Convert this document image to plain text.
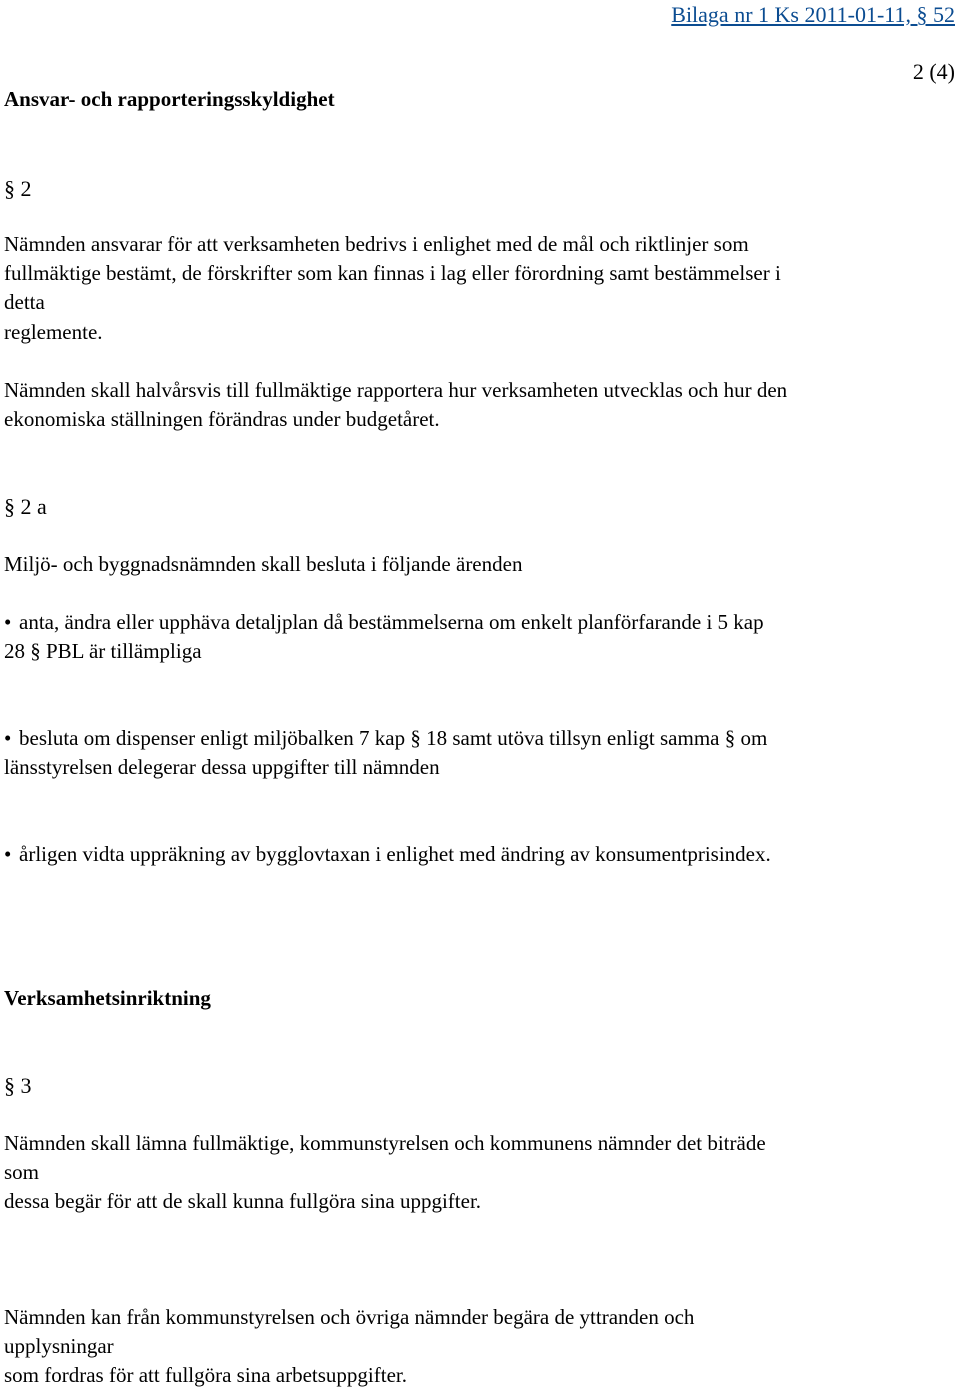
Bilaga nr 1 Ks 2011-01-11, § 52
2 (4)
Ansvar- och rapporteringsskyldighet
§ 2
Nämnden ansvarar för att verksamheten bedrivs i enlighet med de mål och riktlinjer som
fullmäktige bestämt, de förskrifter som kan finnas i lag eller förordning samt bestämmelser i
detta
reglemente.
Nämnden skall halvårsvis till fullmäktige rapportera hur verksamheten utvecklas och hur den
ekonomiska ställningen förändras under budgetåret.
§ 2 a
Miljö- och byggnadsnämnden skall besluta i följande ärenden
• anta, ändra eller upphäva detaljplan då bestämmelserna om enkelt planförfarande i 5 kap
28 § PBL är tillämpliga
• besluta om dispenser enligt miljöbalken 7 kap § 18 samt utöva tillsyn enligt samma § om
länsstyrelsen delegerar dessa uppgifter till nämnden
• årligen vidta uppräkning av bygglovtaxan i enlighet med ändring av konsumentprisindex.
Verksamhetsinriktning
§ 3
Nämnden skall lämna fullmäktige, kommunstyrelsen och kommunens nämnder det biträde
som
dessa begär för att de skall kunna fullgöra sina uppgifter.
Nämnden kan från kommunstyrelsen och övriga nämnder begära de yttranden och
upplysningar
som fordras för att fullgöra sina arbetsuppgifter.
